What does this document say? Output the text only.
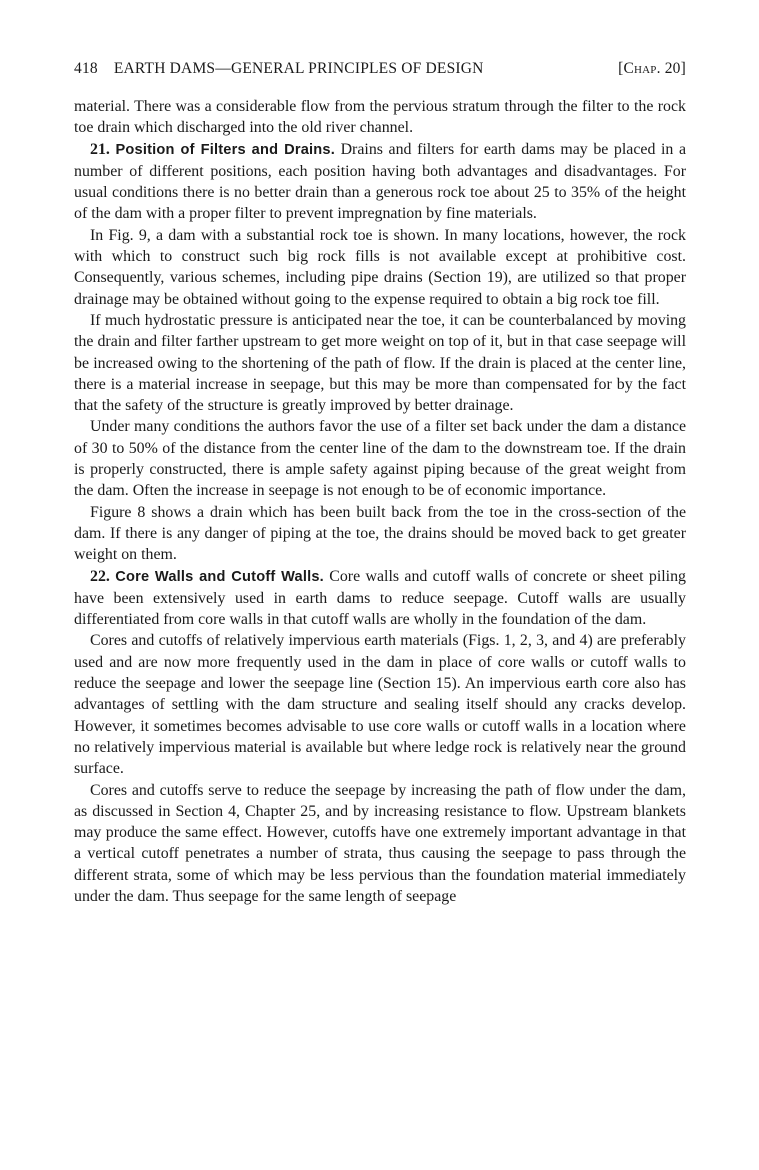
418 EARTH DAMS—GENERAL PRINCIPLES OF DESIGN	[Chap. 20]

material. There was a considerable flow from the pervious stratum through the filter to the rock toe drain which discharged into the old river channel.

21. Position of Filters and Drains. Drains and filters for earth dams may be placed in a number of different positions, each position having both advantages and disadvantages. For usual conditions there is no better drain than a generous rock toe about 25 to 35% of the height of the dam with a proper filter to prevent impregnation by fine materials.

In Fig. 9, a dam with a substantial rock toe is shown. In many locations, however, the rock with which to construct such big rock fills is not available except at prohibitive cost. Consequently, various schemes, including pipe drains (Section 19), are utilized so that proper drainage may be obtained without going to the expense required to obtain a big rock toe fill.

If much hydrostatic pressure is anticipated near the toe, it can be counterbalanced by moving the drain and filter farther upstream to get more weight on top of it, but in that case seepage will be increased owing to the shortening of the path of flow. If the drain is placed at the center line, there is a material increase in seepage, but this may be more than compensated for by the fact that the safety of the structure is greatly improved by better drainage.

Under many conditions the authors favor the use of a filter set back under the dam a distance of 30 to 50% of the distance from the center line of the dam to the downstream toe. If the drain is properly constructed, there is ample safety against piping because of the great weight from the dam. Often the increase in seepage is not enough to be of economic importance.

Figure 8 shows a drain which has been built back from the toe in the cross-section of the dam. If there is any danger of piping at the toe, the drains should be moved back to get greater weight on them.

22. Core Walls and Cutoff Walls. Core walls and cutoff walls of concrete or sheet piling have been extensively used in earth dams to reduce seepage. Cutoff walls are usually differentiated from core walls in that cutoff walls are wholly in the foundation of the dam.

Cores and cutoffs of relatively impervious earth materials (Figs. 1, 2, 3, and 4) are preferably used and are now more frequently used in the dam in place of core walls or cutoff walls to reduce the seepage and lower the seepage line (Section 15). An impervious earth core also has advantages of settling with the dam structure and sealing itself should any cracks develop. However, it sometimes becomes advisable to use core walls or cutoff walls in a location where no relatively impervious material is available but where ledge rock is relatively near the ground surface.

Cores and cutoffs serve to reduce the seepage by increasing the path of flow under the dam, as discussed in Section 4, Chapter 25, and by increasing resistance to flow. Upstream blankets may produce the same effect. However, cutoffs have one extremely important advantage in that a vertical cutoff penetrates a number of strata, thus causing the seepage to pass through the different strata, some of which may be less pervious than the foundation material immediately under the dam. Thus seepage for the same length of seepage
